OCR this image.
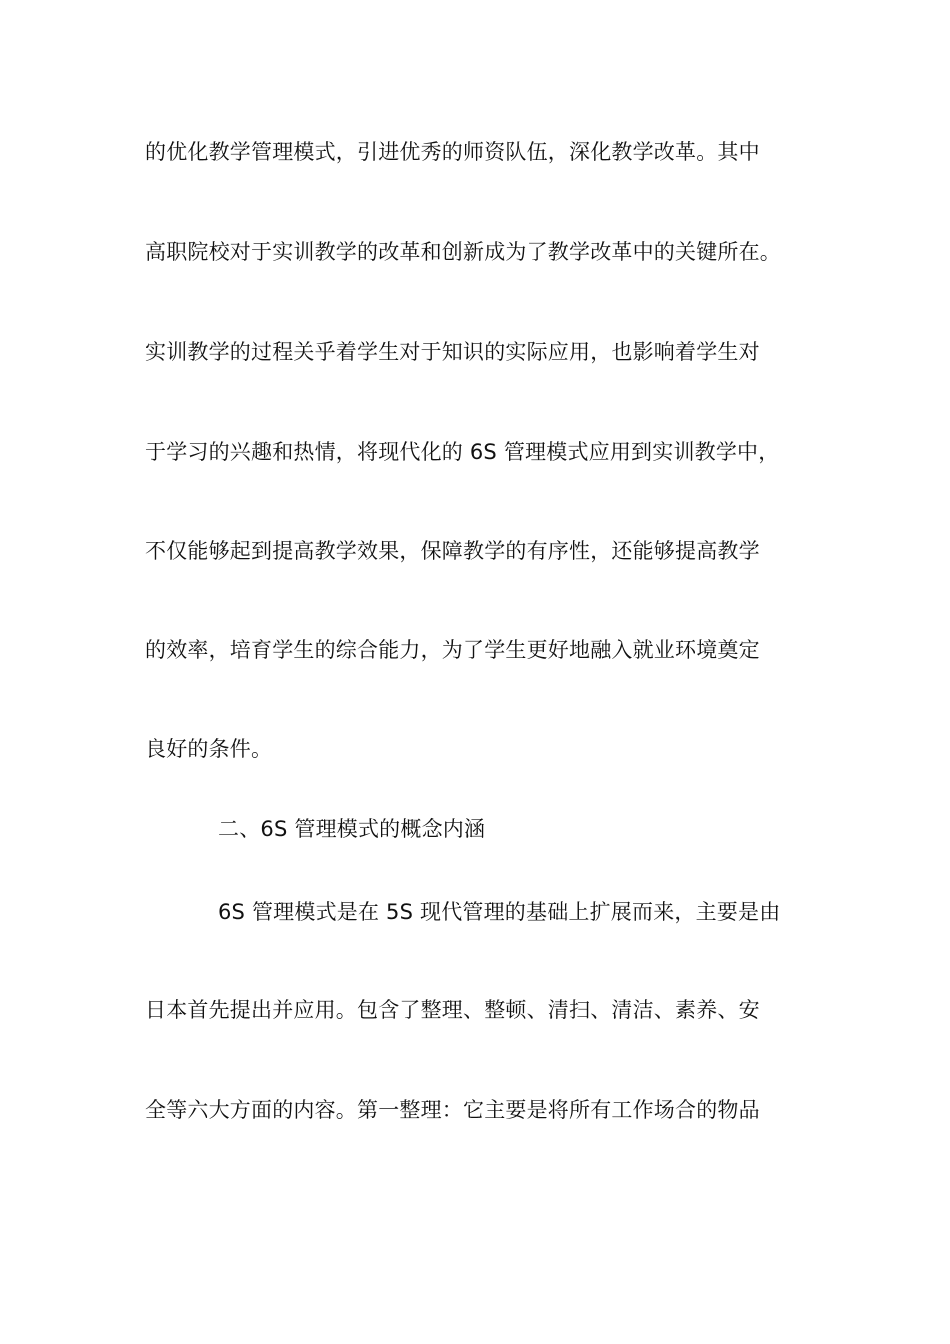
的优化教学管理模式，引进优秀的师资队伍，深化教学改革。其中
高职院校对于实训教学的改革和创新成为了教学改革中的关键所在。
实训教学的过程关乎着学生对于知识的实际应用，也影响着学生对
于学习的兴趣和热情，将现代化的 6S 管理模式应用到实训教学中，
不仅能够起到提高教学效果，保障教学的有序性，还能够提高教学
的效率，培育学生的综合能力，为了学生更好地融入就业环境奠定
良好的条件。
二、6S 管理模式的概念内涵
6S 管理模式是在 5S 现代管理的基础上扩展而来，主要是由
日本首先提出并应用。包含了整理、整顿、清扫、清洁、素养、安
全等六大方面的内容。第一整理：它主要是将所有工作场合的物品
